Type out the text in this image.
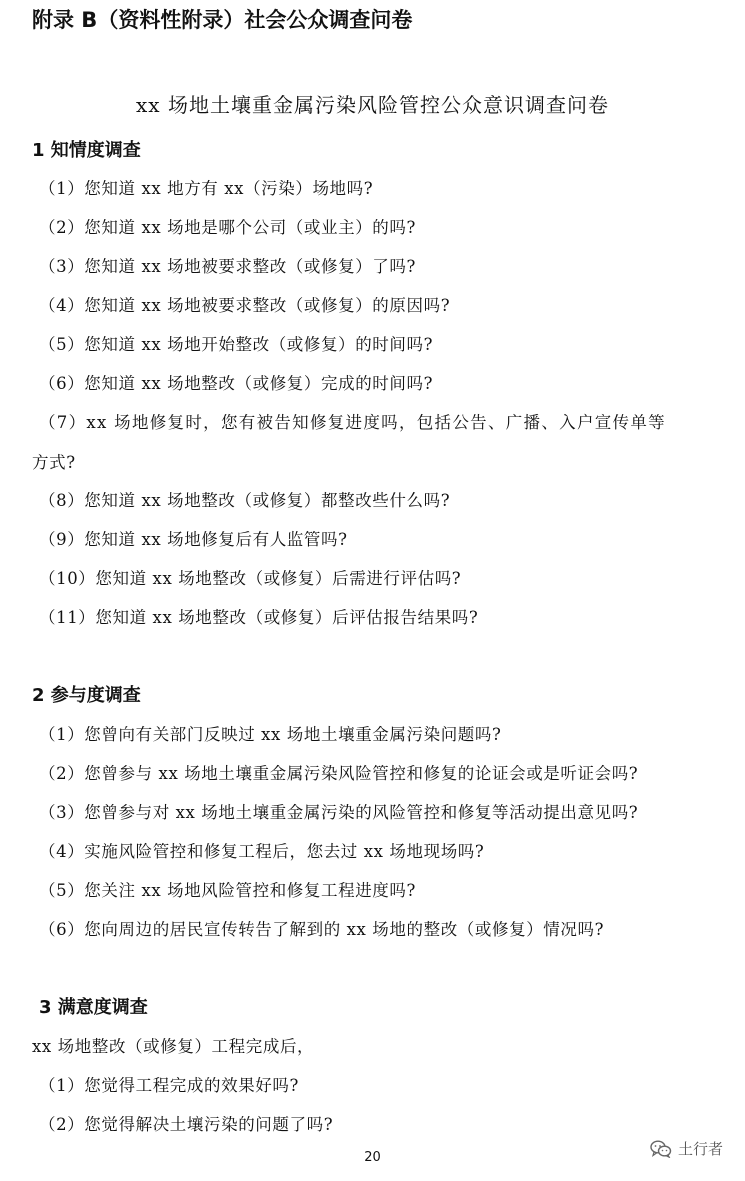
附录 B（资料性附录）社会公众调查问卷
xx 场地土壤重金属污染风险管控公众意识调查问卷
1 知情度调查
（1）您知道 xx 地方有 xx（污染）场地吗?
（2）您知道 xx 场地是哪个公司（或业主）的吗?
（3）您知道 xx 场地被要求整改（或修复）了吗?
（4）您知道 xx 场地被要求整改（或修复）的原因吗?
（5）您知道 xx 场地开始整改（或修复）的时间吗?
（6）您知道 xx 场地整改（或修复）完成的时间吗?
（7）xx 场地修复时，您有被告知修复进度吗，包括公告、广播、入户宣传单等
方式?
（8）您知道 xx 场地整改（或修复）都整改些什么吗?
（9）您知道 xx 场地修复后有人监管吗?
（10）您知道 xx 场地整改（或修复）后需进行评估吗?
（11）您知道 xx 场地整改（或修复）后评估报告结果吗?
2 参与度调查
（1）您曾向有关部门反映过 xx 场地土壤重金属污染问题吗?
（2）您曾参与 xx 场地土壤重金属污染风险管控和修复的论证会或是听证会吗?
（3）您曾参与对 xx 场地土壤重金属污染的风险管控和修复等活动提出意见吗?
（4）实施风险管控和修复工程后，您去过 xx 场地现场吗?
（5）您关注 xx 场地风险管控和修复工程进度吗?
（6）您向周边的居民宣传转告了解到的 xx 场地的整改（或修复）情况吗?
3 满意度调查
xx 场地整改（或修复）工程完成后，
（1）您觉得工程完成的效果好吗?
（2）您觉得解决土壤污染的问题了吗?
20	土行者
